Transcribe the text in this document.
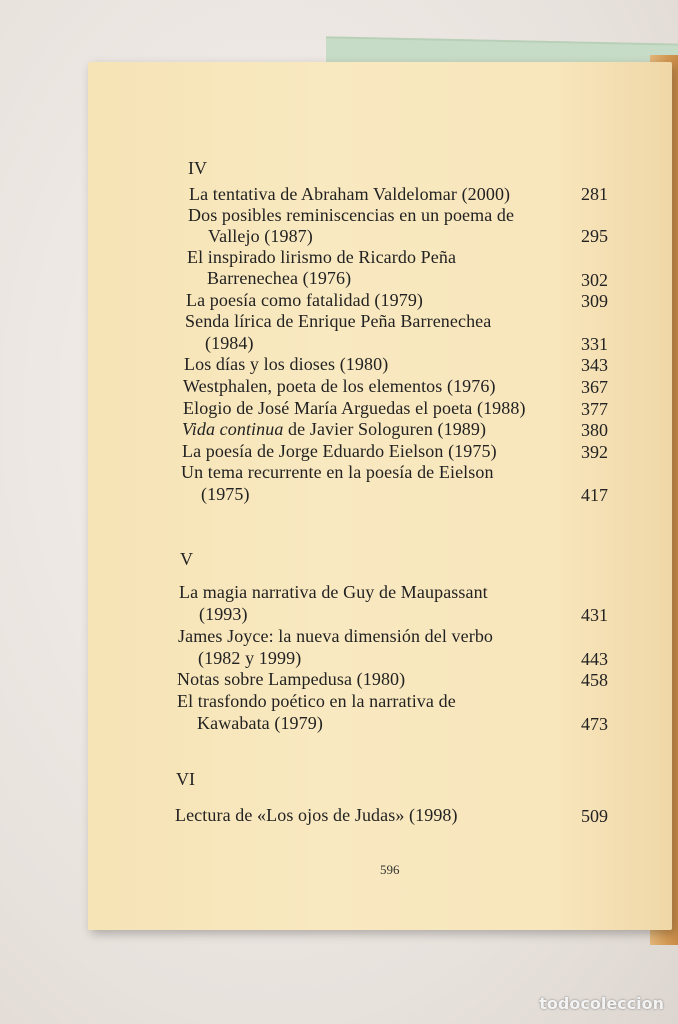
IV
La tentativa de Abraham Valdelomar (2000)	281
Dos posibles reminiscencias en un poema de
Vallejo (1987)	295
El inspirado lirismo de Ricardo Peña
Barrenechea (1976)	302
La poesía como fatalidad (1979)	309
Senda lírica de Enrique Peña Barrenechea
(1984)	331
Los días y los dioses (1980)	343
Westphalen, poeta de los elementos (1976)	367
Elogio de José María Arguedas el poeta (1988)	377
Vida continua de Javier Sologuren (1989)	380
La poesía de Jorge Eduardo Eielson (1975)	392
Un tema recurrente en la poesía de Eielson
(1975)	417
V
La magia narrativa de Guy de Maupassant
(1993)	431
James Joyce: la nueva dimensión del verbo
(1982 y 1999)	443
Notas sobre Lampedusa (1980)	458
El trasfondo poético en la narrativa de
Kawabata (1979)	473
VI
Lectura de «Los ojos de Judas» (1998)	509
596
todocoleccion
